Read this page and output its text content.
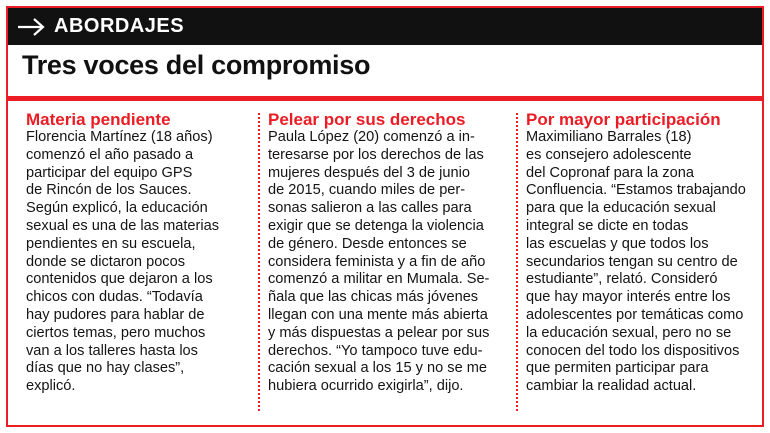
ABORDAJES
Tres voces del compromiso
Materia pendiente
Florencia Martínez (18 años)
comenzó el año pasado a
participar del equipo GPS
de Rincón de los Sauces.
Según explicó, la educación
sexual es una de las materias
pendientes en su escuela,
donde se dictaron pocos
contenidos que dejaron a los
chicos con dudas. “Todavía
hay pudores para hablar de
ciertos temas, pero muchos
van a los talleres hasta los
días que no hay clases”,
explicó.
Pelear por sus derechos
Paula López (20) comenzó a in-
teresarse por los derechos de las
mujeres después del 3 de junio
de 2015, cuando miles de per-
sonas salieron a las calles para
exigir que se detenga la violencia
de género. Desde entonces se
considera feminista y a fin de año
comenzó a militar en Mumala. Se-
ñala que las chicas más jóvenes
llegan con una mente más abierta
y más dispuestas a pelear por sus
derechos. “Yo tampoco tuve edu-
cación sexual a los 15 y no se me
hubiera ocurrido exigirla”, dijo.
Por mayor participación
Maximiliano Barrales (18)
es consejero adolescente
del Copronaf para la zona
Confluencia. “Estamos trabajando
para que la educación sexual
integral se dicte en todas
las escuelas y que todos los
secundarios tengan su centro de
estudiante”, relató. Consideró
que hay mayor interés entre los
adolescentes por temáticas como
la educación sexual, pero no se
conocen del todo los dispositivos
que permiten participar para
cambiar la realidad actual.
